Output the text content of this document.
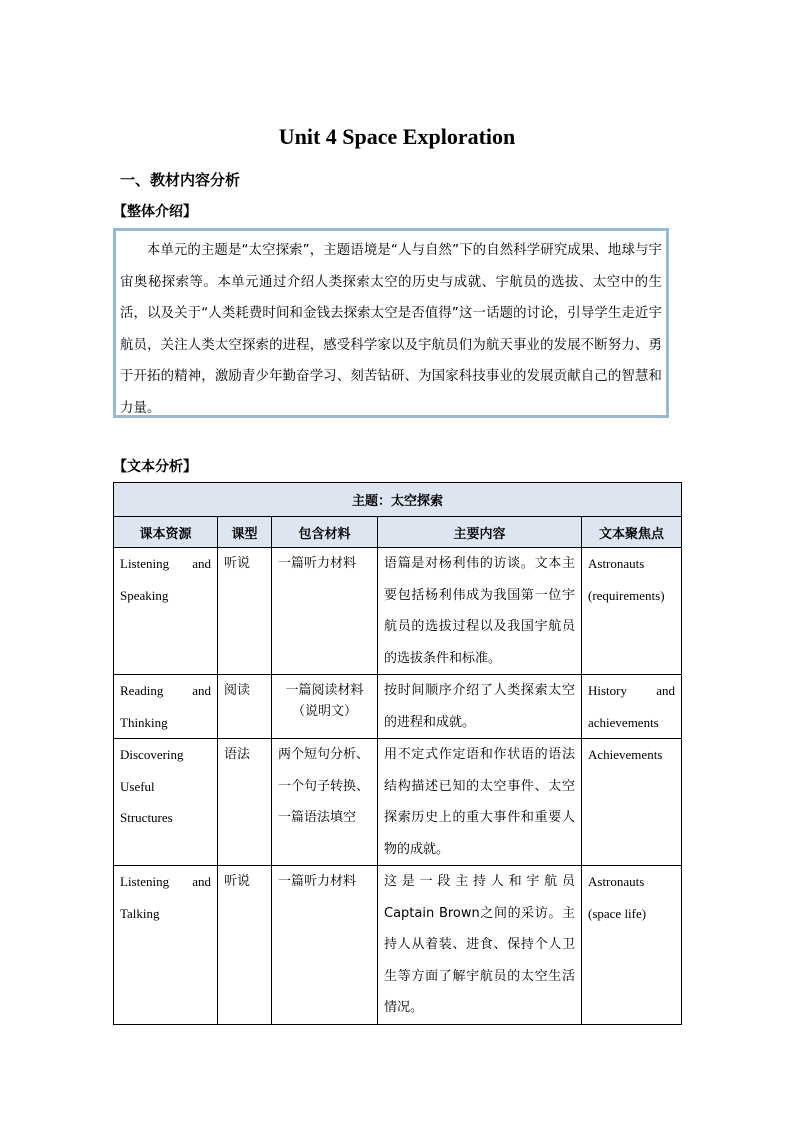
Unit 4 Space Exploration
一、教材内容分析
【整体介绍】

本单元的主题是“太空探索”，主题语境是“人与自然”下的自然科学研究成果、地球与宇宙奥秘探索等。本单元通过介绍人类探索太空的历史与成就、宇航员的选拔、太空中的生活，以及关于“人类耗费时间和金钱去探索太空是否值得”这一话题的讨论，引导学生走近宇航员，关注人类太空探索的进程，感受科学家以及宇航员们为航天事业的发展不断努力、勇于开拓的精神，激励青少年勤奋学习、刻苦钻研、为国家科技事业的发展贡献自己的智慧和力量。

【文本分析】
主题：太空探索				
课本资源	课型	包含材料	主要内容	文本聚焦点

Listening and
Speaking	听说	一篇听力材料	语篇是对杨利伟的访谈。文本主要包括杨利伟成为我国第一位宇航员的选拔过程以及我国宇航员的选拔条件和标准。	Astronauts
(requirements)

Reading and
Thinking	阅读	一篇阅读材料
（说明文）	按时间顺序介绍了人类探索太空的进程和成就。	History and
achievements

Discovering
Useful
Structures	语法	两个短句分析、
一个句子转换、
一篇语法填空	用不定式作定语和作状语的语法结构描述已知的太空事件、太空探索历史上的重大事件和重要人物的成就。	Achievements

Listening and
Talking	听说	一篇听力材料	这是一段主持人和宇航员Captain Brown之间的采访。主持人从着装、进食、保持个人卫生等方面了解宇航员的太空生活情况。	Astronauts
(space life)
